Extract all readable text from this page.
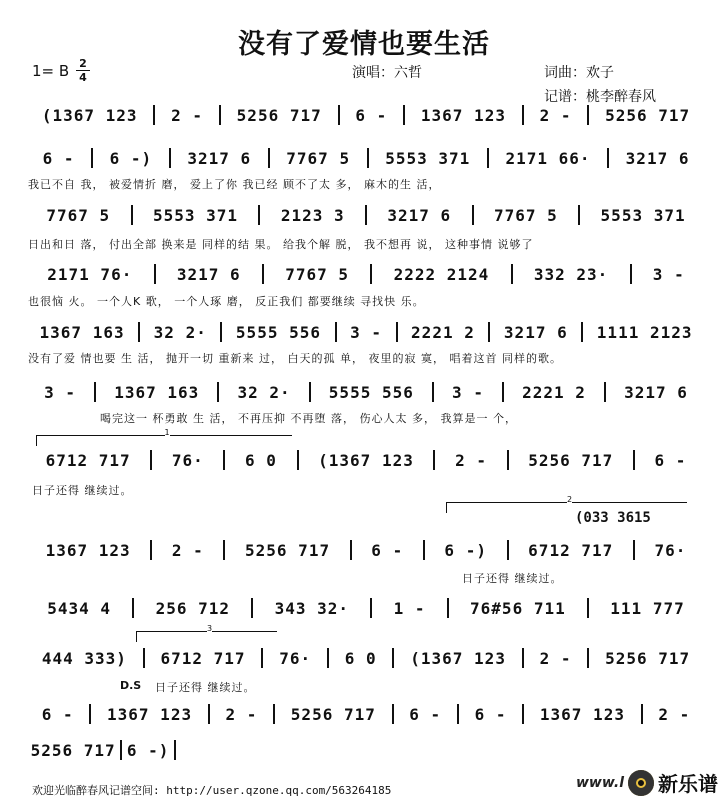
没有了爱情也要生活
1= B 2
4	演唱：六哲	词曲：欢子
记谱：桃李醉春风
(1367 123	2 -	5256 717	6 -	1367 123	2 -	5256 717
6 -	6 -)	3217 6	7767 5	5553 371	2171 66·	3217 6
7767 5	5553 371	2123 3	3217 6	7767 5	5553 371
2171 76·	3217 6	7767 5	2222 2124	332 23·	3 -
1367 163	32 2·	5555 556	3 -	2221 2	3217 6	1111 2123
3 -	1367 163	32 2·	5555 556	3 -	2221 2	3217 6
6712 717	76·	6 0	(1367 123	2 -	5256 717	6 -
1367 123	2 -	5256 717	6 -	6 -)	6712 717	76·
5434 4	256 712	343 32·	1 -	76#56 711	111 777
444 333)	6712 717	76·	6 0	(1367 123	2 -	5256 717
6 -	1367 123	2 -	5256 717	6 -	6 -	1367 123	2 -
5256 717 6 -)
我已不自 我， 被爱情折 磨， 爱上了你 我已经 顾不了太 多， 麻木的生 活，
日出和日 落， 付出全部 换来是 同样的结 果。 给我个解 脱， 我不想再 说， 这种事情 说够了
也很恼 火。 一个人K 歌， 一个人琢 磨， 反正我们 都要继续 寻找快 乐。
没有了爱 情也要 生 活， 抛开一切 重新来 过， 白天的孤 单， 夜里的寂 寞， 唱着这首 同样的歌。
喝完这一 杯勇敢 生 活， 不再压抑 不再堕 落， 伤心人太 多， 我算是一 个，
日子还得 继续过。
日子还得 继续过。
日子还得 继续过。
D.S
(033 3615
1
2
3
欢迎光临醉春风记谱空间: http://user.qzone.qq.com/563264185	www.l 新乐谱
